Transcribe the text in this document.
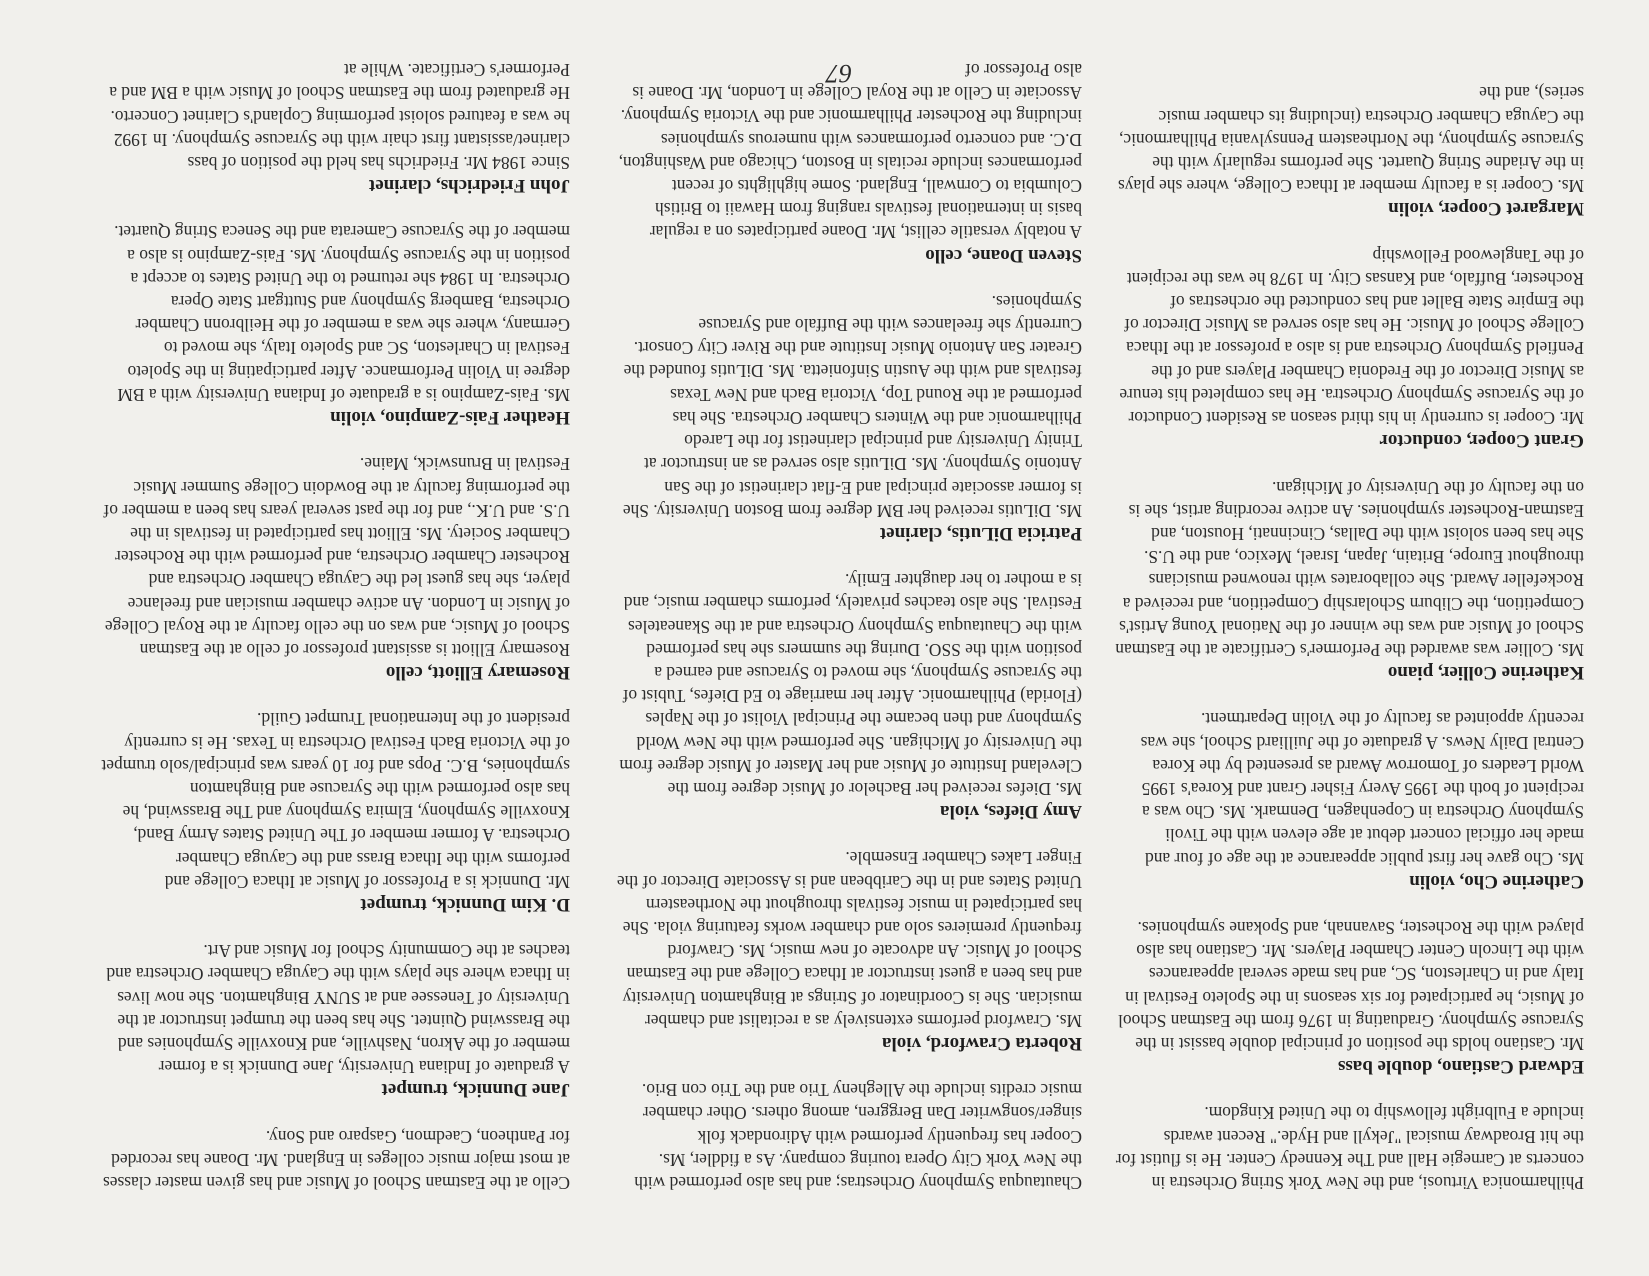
Philharmonica Virtuosi, and the New York String Orchestra in concerts at Carnegie Hall and The Kennedy Center. He is flutist for the hit Broadway musical "Jekyll and Hyde." Recent awards include a Fulbright fellowship to the United Kingdom.

Edward Castiano, double bass

Mr. Castiano holds the position of principal double bassist in the Syracuse Symphony. Graduating in 1976 from the Eastman School of Music, he participated for six seasons in the Spoleto Festival in Italy and in Charleston, SC, and has made several appearances with the Lincoln Center Chamber Players. Mr. Castiano has also played with the Rochester, Savannah, and Spokane symphonies.

Catherine Cho, violin

Ms. Cho gave her first public appearance at the age of four and made her official concert debut at age eleven with the Tivoli Symphony Orchestra in Copenhagen, Denmark. Ms. Cho was a recipient of both the 1995 Avery Fisher Grant and Korea's 1995 World Leaders of Tomorrow Award as presented by the Korea Central Daily News. A graduate of the Juilliard School, she was recently appointed as faculty of the Violin Department.

Katherine Collier, piano

Ms. Collier was awarded the Performer's Certificate at the Eastman School of Music and was the winner of the National Young Artist's Competition, the Cliburn Scholarship Competition, and received a Rockefeller Award. She collaborates with renowned musicians throughout Europe, Britain, Japan, Israel, Mexico, and the U.S. She has been soloist with the Dallas, Cincinnati, Houston, and Eastman-Rochester symphonies. An active recording artist, she is on the faculty of the University of Michigan.

Grant Cooper, conductor

Mr. Cooper is currently in his third season as Resident Conductor of the Syracuse Symphony Orchestra. He has completed his tenure as Music Director of the Fredonia Chamber Players and of the Penfield Symphony Orchestra and is also a professor at the Ithaca College School of Music. He has also served as Music Director of the Empire State Ballet and has conducted the orchestras of Rochester, Buffalo, and Kansas City. In 1978 he was the recipient of the Tanglewood Fellowship

Margaret Cooper, violin

Ms. Cooper is a faculty member at Ithaca College, where she plays in the Ariadne String Quartet. She performs regularly with the Syracuse Symphony, the Northeastern Pennsylvania Philharmonic, the Cayuga Chamber Orchestra (including its chamber music series), and the

Chautauqua Symphony Orchestras; and has also performed with the New York City Opera touring company. As a fiddler, Ms. Cooper has frequently performed with Adirondack folk singer/songwriter Dan Berggren, among others. Other chamber music credits include the Allegheny Trio and the Trio con Brio.

Roberta Crawford, viola

Ms. Crawford performs extensively as a recitalist and chamber musician. She is Coordinator of Strings at Binghamton University and has been a guest instructor at Ithaca College and the Eastman School of Music. An advocate of new music, Ms. Crawford frequently premieres solo and chamber works featuring viola. She has participated in music festivals throughout the Northeastern United States and in the Caribbean and is Associate Director of the Finger Lakes Chamber Ensemble.

Amy Diefes, viola

Ms. Diefes received her Bachelor of Music degree from the Cleveland Institute of Music and her Master of Music degree from the University of Michigan. She performed with the New World Symphony and then became the Principal Violist of the Naples (Florida) Philharmonic. After her marriage to Ed Diefes, Tubist of the Syracuse Symphony, she moved to Syracuse and earned a position with the SSO. During the summers she has performed with the Chautauqua Symphony Orchestra and at the Skaneateles Festival. She also teaches privately, performs chamber music, and is a mother to her daughter Emily.

Patricia DiLutis, clarinet

Ms. DiLutis received her BM degree from Boston University. She is former associate principal and E-flat clarinetist of the San Antonio Symphony. Ms. DiLutis also served as an instructor at Trinity University and principal clarinetist for the Laredo Philharmonic and the Winters Chamber Orchestra. She has performed at the Round Top, Victoria Bach and New Texas festivals and with the Austin Sinfonietta. Ms. DiLutis founded the Greater San Antonio Music Institute and the River City Consort. Currently she freelances with the Buffalo and Syracuse Symphonies.

Steven Doane, cello

A notably versatile cellist, Mr. Doane participates on a regular basis in international festivals ranging from Hawaii to British Columbia to Cornwall, England. Some highlights of recent performances include recitals in Boston, Chicago and Washington, D.C. and concerto performances with numerous symphonies including the Rochester Philharmonic and the Victoria Symphony. Associate in Cello at the Royal College in London, Mr. Doane is also Professor of

Cello at the Eastman School of Music and has given master classes at most major music colleges in England. Mr. Doane has recorded for Pantheon, Caedmon, Gasparo and Sony.

Jane Dunnick, trumpet

A graduate of Indiana University, Jane Dunnick is a former member of the Akron, Nashville, and Knoxville Symphonies and the Brasswind Quintet. She has been the trumpet instructor at the University of Tenessee and at SUNY Binghamton. She now lives in Ithaca where she plays with the Cayuga Chamber Orchestra and teaches at the Community School for Music and Art.

D. Kim Dunnick, trumpet

Mr. Dunnick is a Professor of Music at Ithaca College and performs with the Ithaca Brass and the Cayuga Chamber Orchestra. A former member of The United States Army Band, Knoxville Symphony, Elmira Symphony and The Brasswind, he has also performed with the Syracuse and Binghamton symphonies, B.C. Pops and for 10 years was principal/solo trumpet of the Victoria Bach Festival Orchestra in Texas. He is currently president of the International Trumpet Guild.

Rosemary Elliott, cello

Rosemary Elliott is assistant professor of cello at the Eastman School of Music, and was on the cello faculty at the Royal College of Music in London. An active chamber musician and freelance player, she has guest led the Cayuga Chamber Orchestra and Rochester Chamber Orchestra, and performed with the Rochester Chamber Society. Ms. Elliott has participated in festivals in the U.S. and U.K., and for the past several years has been a member of the performing faculty at the Bowdoin College Summer Music Festival in Brunswick, Maine.

Heather Fais-Zampino, violin

Ms. Fais-Zampino is a graduate of Indiana University with a BM degree in Violin Performance. After participating in the Spoleto Festival in Charleston, SC and Spoleto Italy, she moved to Germany, where she was a member of the Heilbronn Chamber Orchestra, Bamberg Symphony and Stuttgart State Opera Orchestra. In 1984 she returned to the United States to accept a position in the Syracuse Symphony. Ms. Fais-Zampino is also a member of the Syracuse Camerata and the Seneca String Quartet.

John Friedrichs, clarinet

Since 1984 Mr. Friedrichs has held the position of bass clarinet/assistant first chair with the Syracuse Symphony. In 1992 he was a featured soloist performing Copland's Clarinet Concerto. He graduated from the Eastman School of Music with a BM and a Performer's Certificate. While at	67
